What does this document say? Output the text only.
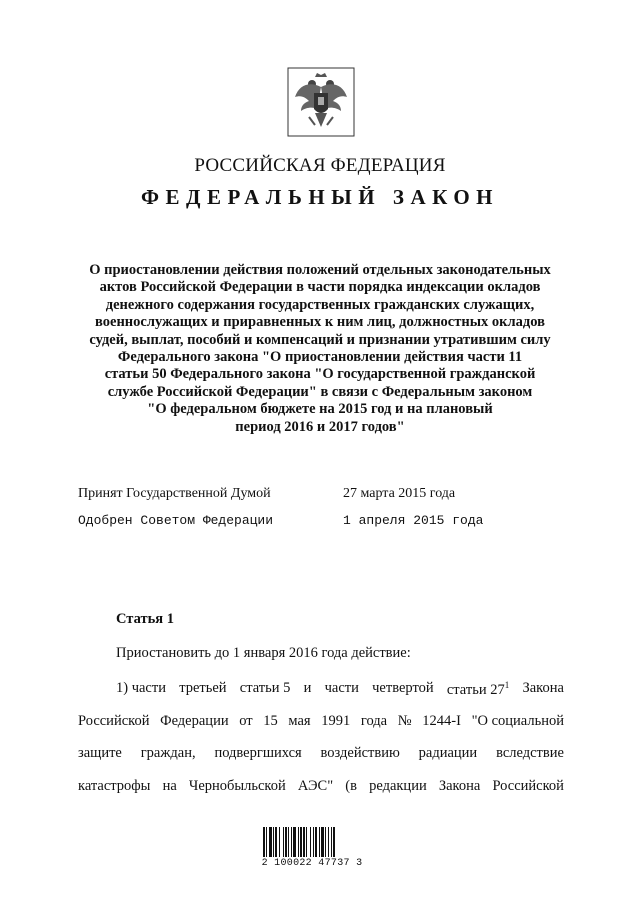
РОССИЙСКАЯ ФЕДЕРАЦИЯ
ФЕДЕРАЛЬНЫЙ ЗАКОН
О приостановлении действия положений отдельных законодательных
актов Российской Федерации в части порядка индексации окладов
денежного содержания государственных гражданских служащих,
военнослужащих и приравненных к ним лиц, должностных окладов
судей, выплат, пособий и компенсаций и признании утратившим силу
Федерального закона "О приостановлении действия части 11
статьи 50 Федерального закона "О государственной гражданской
службе Российской Федерации" в связи с Федеральным законом
"О федеральном бюджете на 2015 год и на плановый
период 2016 и 2017 годов"
Принят Государственной Думой	27 марта 2015 года
Одобрен Советом Федерации	1 апреля 2015 года
Статья 1
Приостановить до 1 января 2016 года действие:
1) части третьей статьи 5 и части четвертой статьи $27^1$ Закона
Российской Федерации от 15 мая 1991 года № 1244-I "О социальной
защите граждан, подвергшихся воздействию радиации вследствие
катастрофы на Чернобыльской АЭС" (в редакции Закона Российской
2 100022 47737 3
